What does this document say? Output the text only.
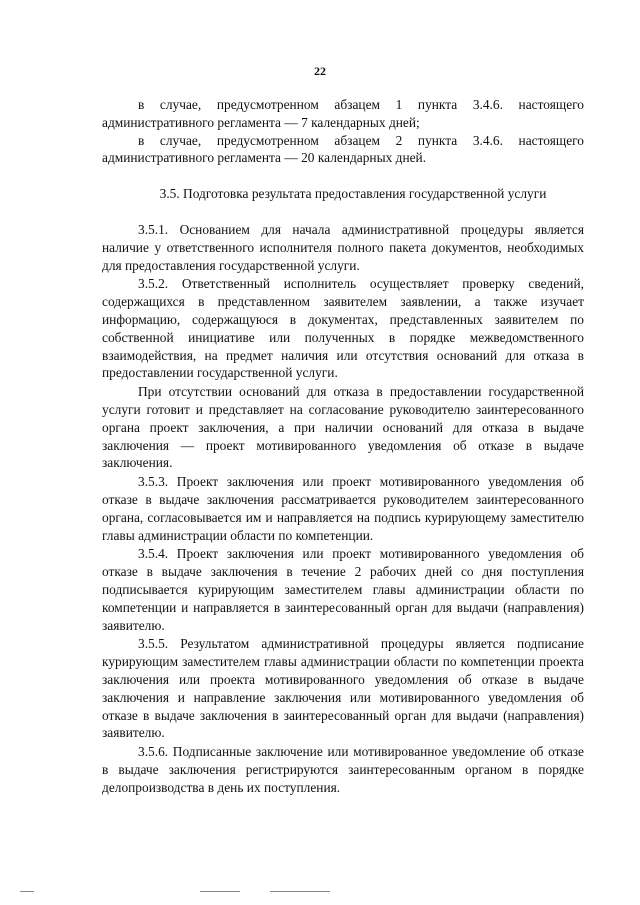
22

в случае, предусмотренном абзацем 1 пункта 3.4.6. настоящего административного регламента — 7 календарных дней;

в случае, предусмотренном абзацем 2 пункта 3.4.6. настоящего административного регламента — 20 календарных дней.

3.5. Подготовка результата предоставления государственной услуги

3.5.1. Основанием для начала административной процедуры является наличие у ответственного исполнителя полного пакета документов, необходимых для предоставления государственной услуги.

3.5.2. Ответственный исполнитель осуществляет проверку сведений, содержащихся в представленном заявителем заявлении, а также изучает информацию, содержащуюся в документах, представленных заявителем по собственной инициативе или полученных в порядке межведомственного взаимодействия, на предмет наличия или отсутствия оснований для отказа в предоставлении государственной услуги.

При отсутствии оснований для отказа в предоставлении государственной услуги готовит и представляет на согласование руководителю заинтересованного органа проект заключения, а при наличии оснований для отказа в выдаче заключения — проект мотивированного уведомления об отказе в выдаче заключения.

3.5.3. Проект заключения или проект мотивированного уведомления об отказе в выдаче заключения рассматривается руководителем заинтересованного органа, согласовывается им и направляется на подпись курирующему заместителю главы администрации области по компетенции.

3.5.4. Проект заключения или проект мотивированного уведомления об отказе в выдаче заключения в течение 2 рабочих дней со дня поступления подписывается курирующим заместителем главы администрации области по компетенции и направляется в заинтересованный орган для выдачи (направления) заявителю.

3.5.5. Результатом административной процедуры является подписание курирующим заместителем главы администрации области по компетенции проекта заключения или проекта мотивированного уведомления об отказе в выдаче заключения и направление заключения или мотивированного уведомления об отказе в выдаче заключения в заинтересованный орган для выдачи (направления) заявителю.

3.5.6. Подписанные заключение или мотивированное уведомление об отказе в выдаче заключения регистрируются заинтересованным органом в порядке делопроизводства в день их поступления.
